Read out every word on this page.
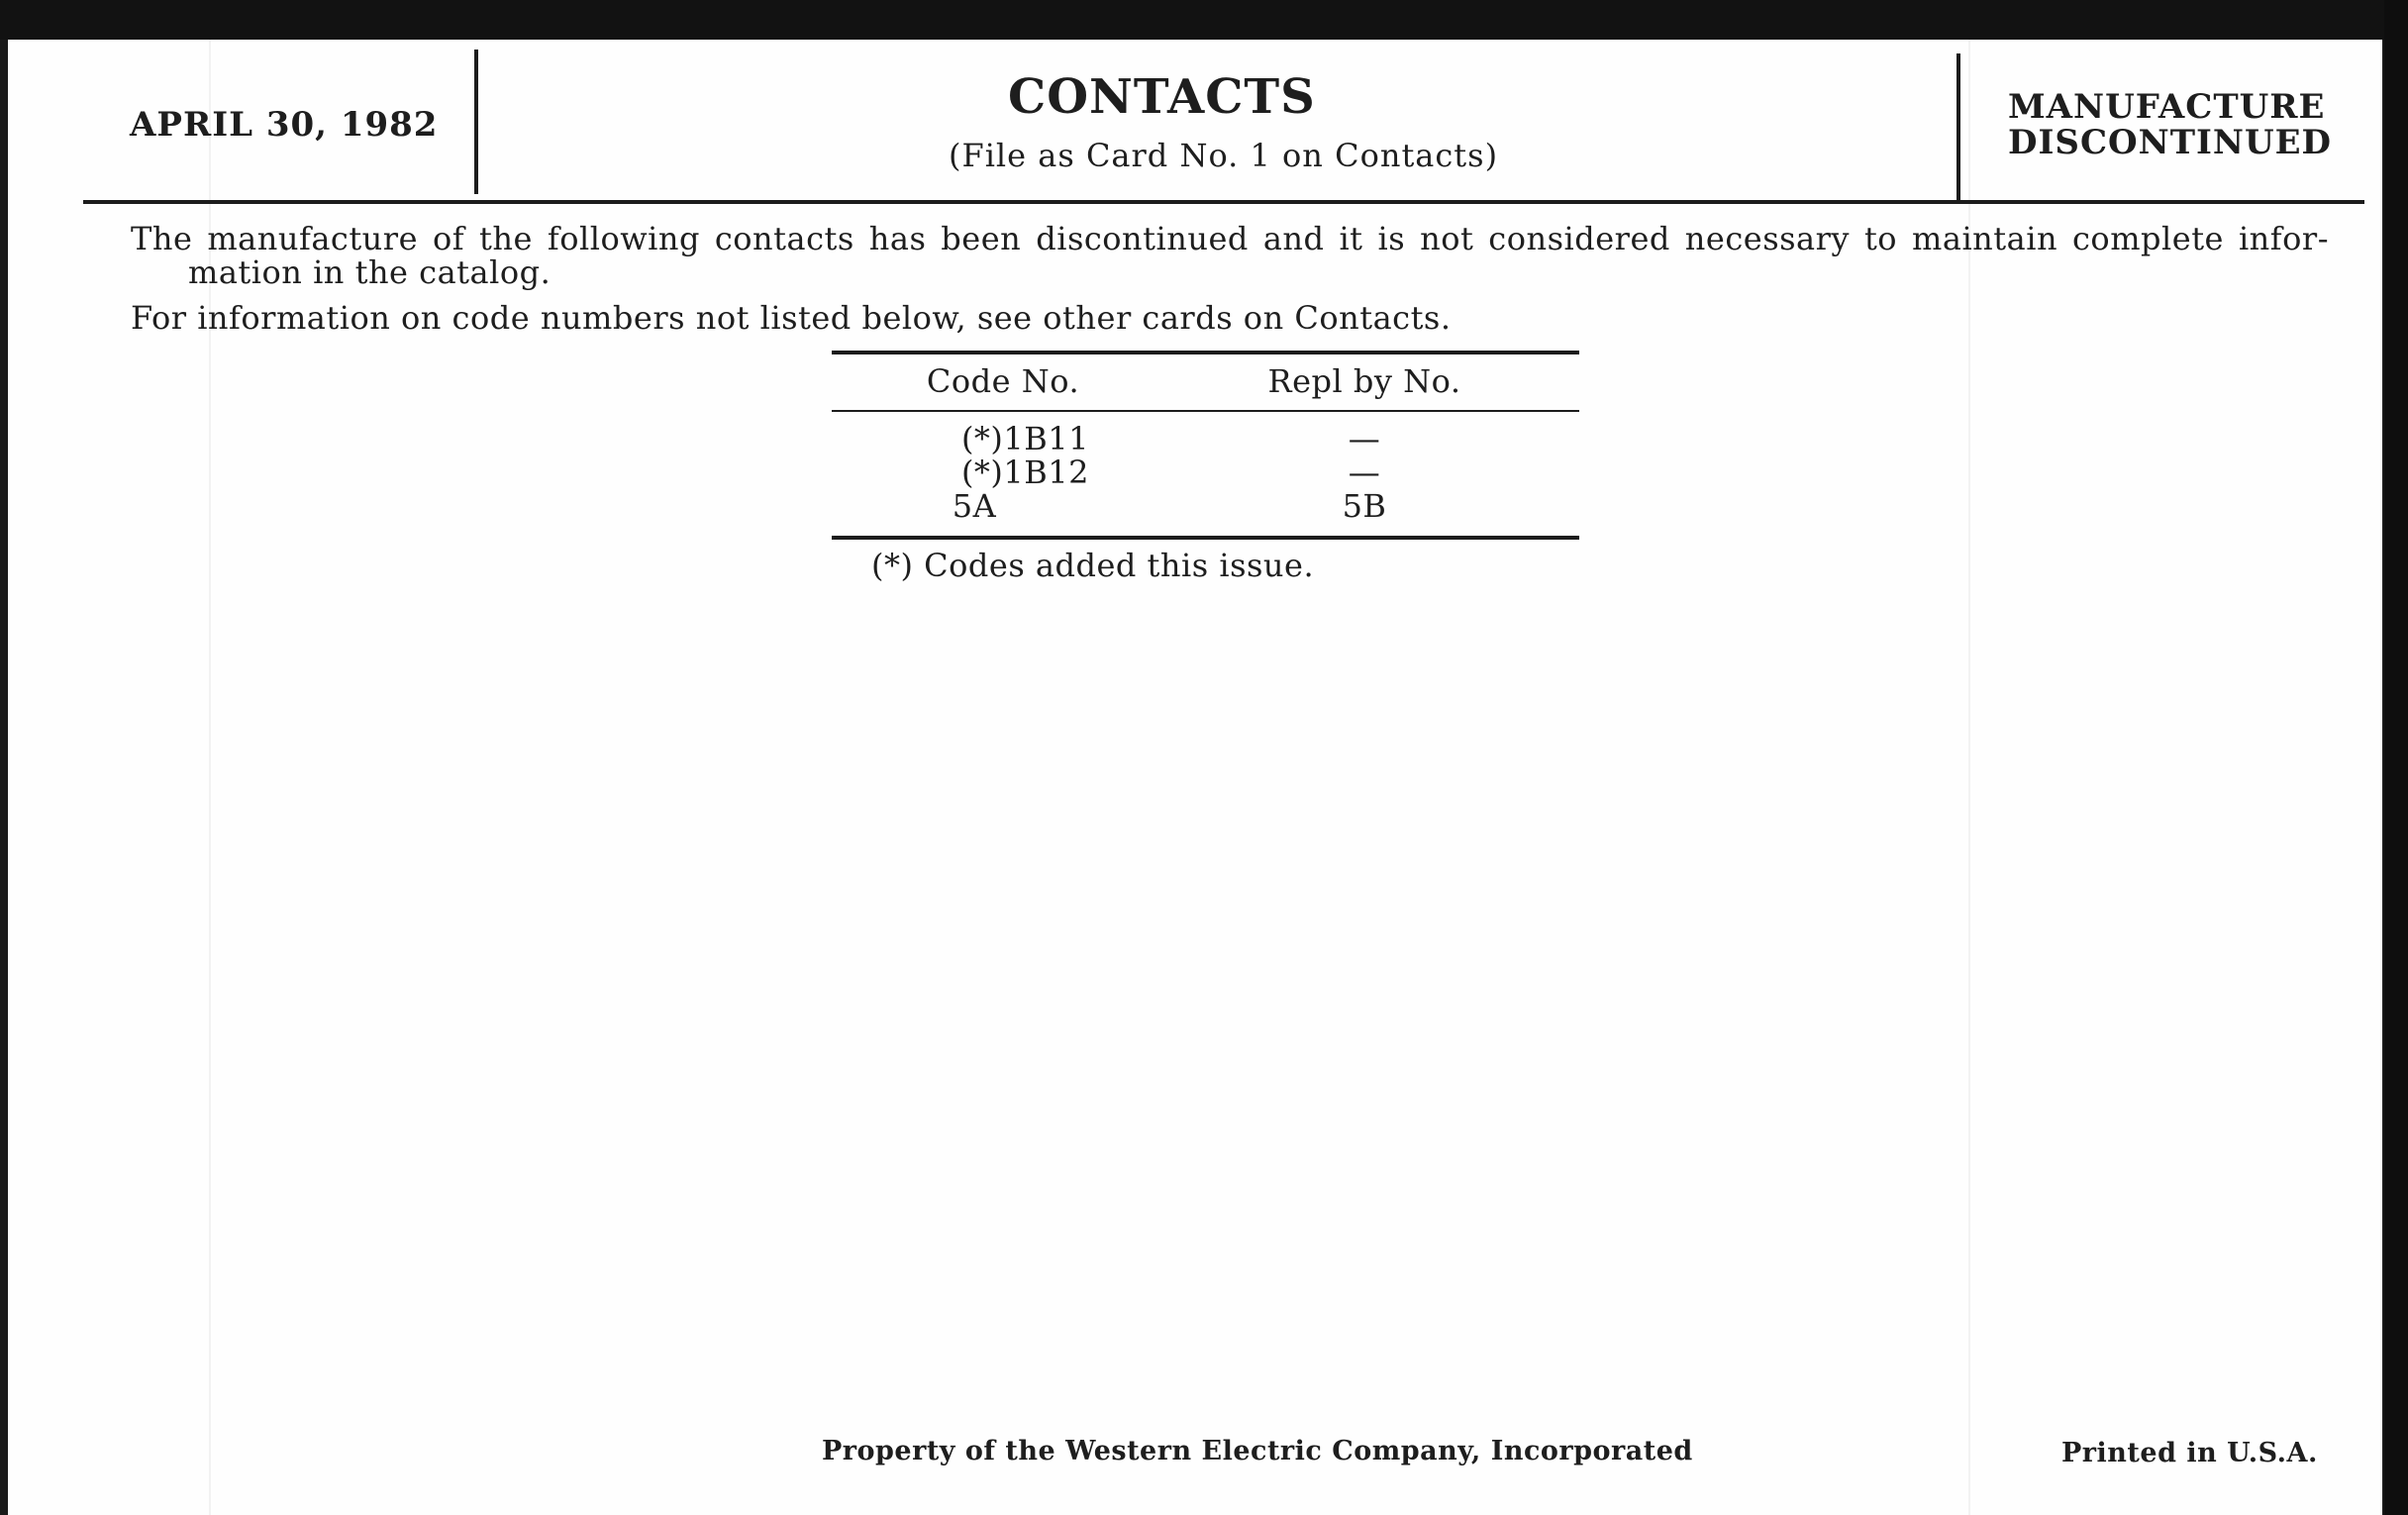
APRIL 30, 1982	CONTACTS
(File as Card No. 1 on Contacts)
MANUFACTURE
DISCONTINUED
The manufacture of the following contacts has been discontinued and it is not considered necessary to maintain complete infor-
mation in the catalog.
For information on code numbers not listed below, see other cards on Contacts.
Code No.	Repl by No.
(*)1B11	—
(*)1B12	—
5A	5B
(*) Codes added this issue.
Property of the Western Electric Company, Incorporated	Printed in U.S.A.
